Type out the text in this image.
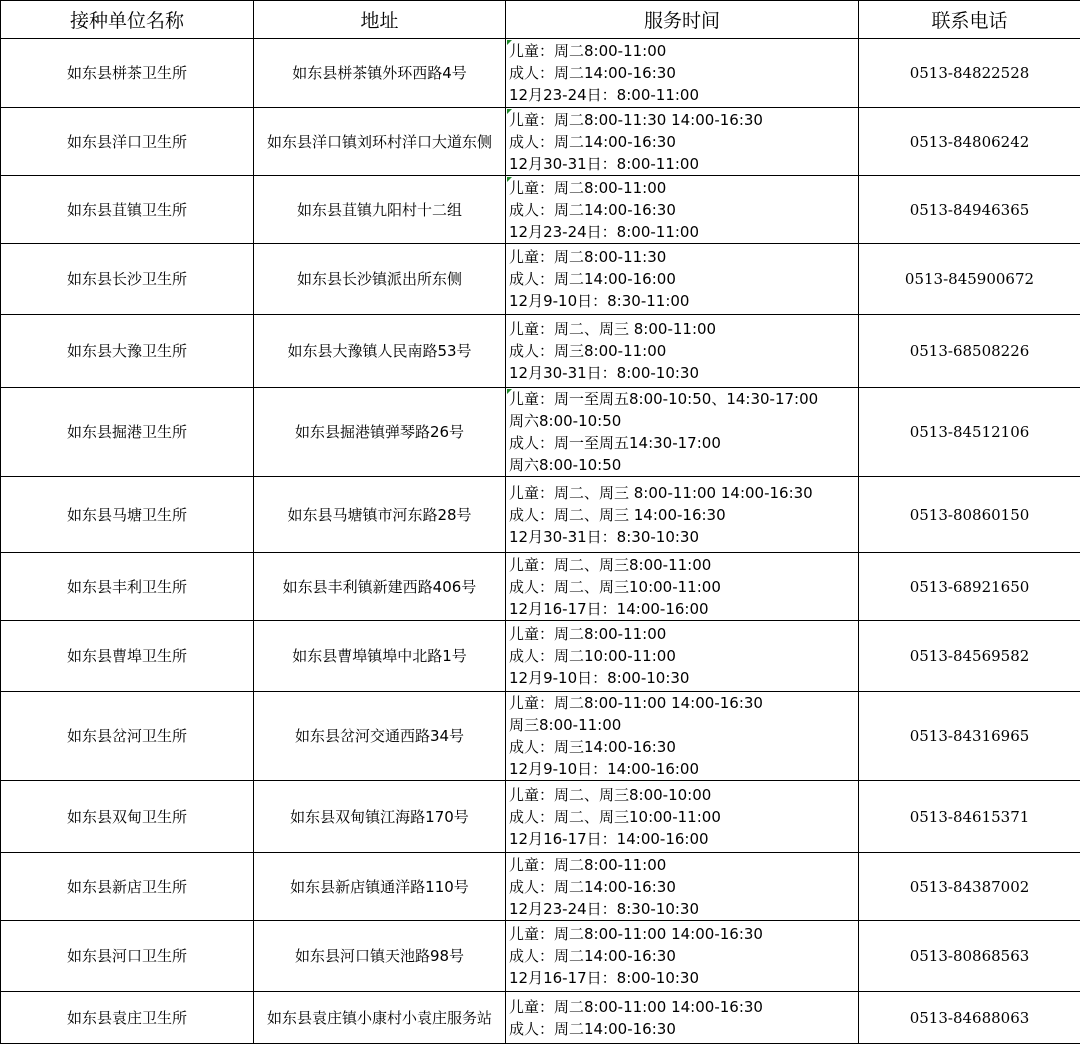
接种单位名称	地址	服务时间	联系电话
如东县栟茶卫生所	如东县栟茶镇外环西路4号	儿童：周二8:00-11:00
成人：周二14:00-16:30
12月23-24日：8:00-11:00	0513-84822528
如东县洋口卫生所	如东县洋口镇刘环村洋口大道东侧	儿童：周二8:00-11:30 14:00-16:30
成人：周二14:00-16:30
12月30-31日：8:00-11:00	0513-84806242
如东县苴镇卫生所	如东县苴镇九阳村十二组	儿童：周二8:00-11:00
成人：周二14:00-16:30
12月23-24日：8:00-11:00	0513-84946365
如东县长沙卫生所	如东县长沙镇派出所东侧	儿童：周二8:00-11:30
成人：周二14:00-16:00
12月9-10日：8:30-11:00	0513-845900672
如东县大豫卫生所	如东县大豫镇人民南路53号	儿童：周二、周三 8:00-11:00
成人：周三8:00-11:00
12月30-31日：8:00-10:30	0513-68508226
如东县掘港卫生所	如东县掘港镇弹琴路26号	儿童：周一至周五8:00-10:50、14:30-17:00
周六8:00-10:50
成人：周一至周五14:30-17:00
周六8:00-10:50	0513-84512106
如东县马塘卫生所	如东县马塘镇市河东路28号	儿童：周二、周三 8:00-11:00 14:00-16:30
成人：周二、周三 14:00-16:30
12月30-31日：8:30-10:30	0513-80860150
如东县丰利卫生所	如东县丰利镇新建西路406号	儿童：周二、周三8:00-11:00
成人：周二、周三10:00-11:00
12月16-17日：14:00-16:00	0513-68921650
如东县曹埠卫生所	如东县曹埠镇埠中北路1号	儿童：周二8:00-11:00
成人：周二10:00-11:00
12月9-10日：8:00-10:30	0513-84569582
如东县岔河卫生所	如东县岔河交通西路34号	儿童：周二8:00-11:00 14:00-16:30
周三8:00-11:00
成人：周三14:00-16:30
12月9-10日：14:00-16:00	0513-84316965
如东县双甸卫生所	如东县双甸镇江海路170号	儿童：周二、周三8:00-10:00
成人：周二、周三10:00-11:00
12月16-17日：14:00-16:00	0513-84615371
如东县新店卫生所	如东县新店镇通洋路110号	儿童：周二8:00-11:00
成人：周二14:00-16:30
12月23-24日：8:30-10:30	0513-84387002
如东县河口卫生所	如东县河口镇天池路98号	儿童：周二8:00-11:00 14:00-16:30
成人：周二14:00-16:30
12月16-17日：8:00-10:30	0513-80868563
如东县袁庄卫生所	如东县袁庄镇小康村小袁庄服务站	儿童：周二8:00-11:00 14:00-16:30
成人：周二14:00-16:30	0513-84688063
